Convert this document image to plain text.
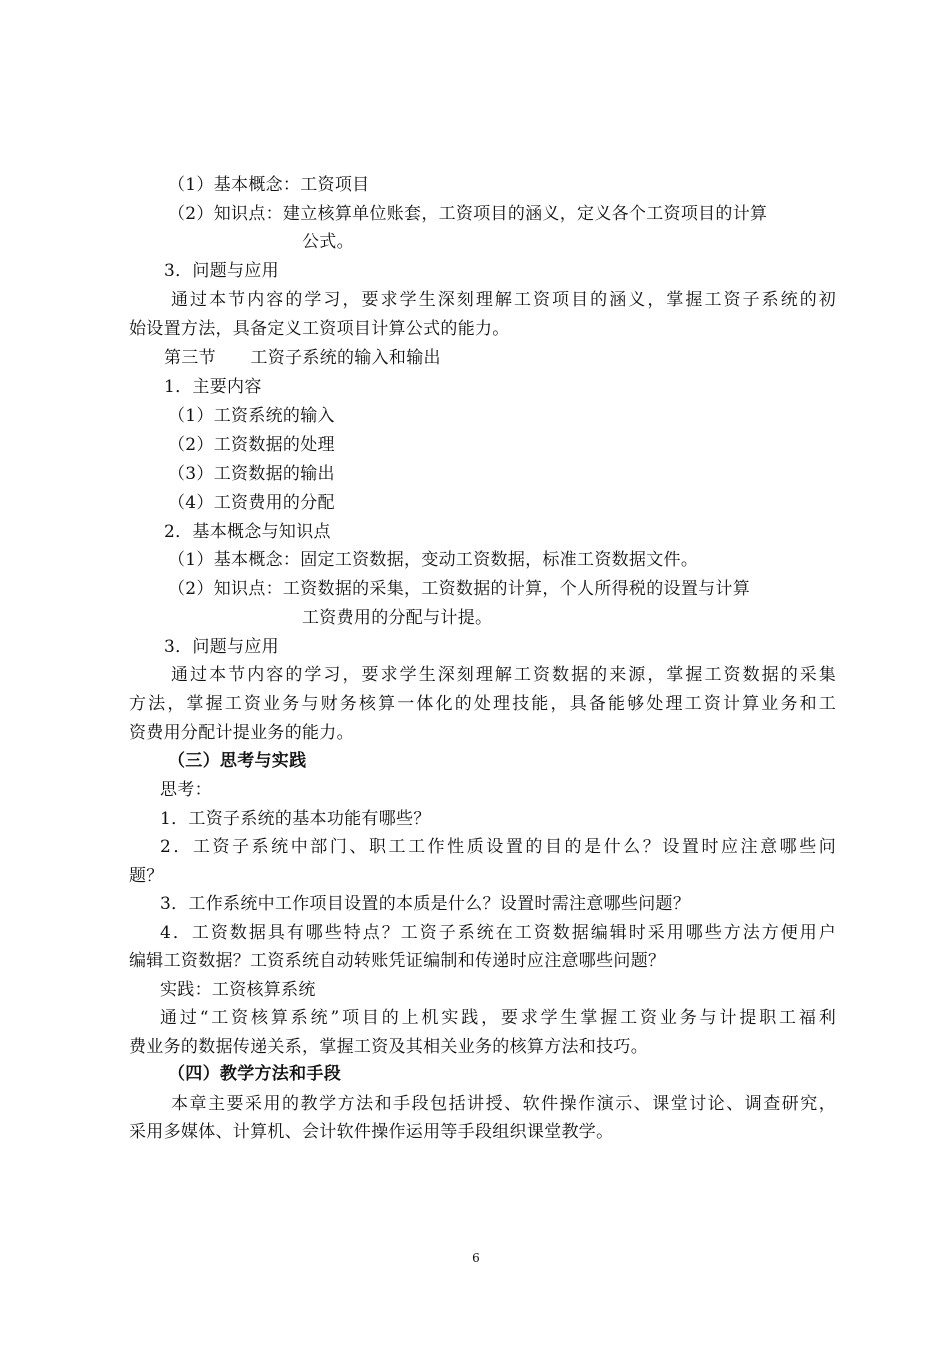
（1）基本概念：工资项目
（2）知识点：建立核算单位账套，工资项目的涵义，定义各个工资项目的计算
公式。
3．问题与应用
通过本节内容的学习，要求学生深刻理解工资项目的涵义，掌握工资子系统的初
始设置方法，具备定义工资项目计算公式的能力。
第三节　　工资子系统的输入和输出
1．主要内容
（1）工资系统的输入
（2）工资数据的处理
（3）工资数据的输出
（4）工资费用的分配
2．基本概念与知识点
（1）基本概念：固定工资数据，变动工资数据，标准工资数据文件。
（2）知识点：工资数据的采集，工资数据的计算，个人所得税的设置与计算
工资费用的分配与计提。
3．问题与应用
通过本节内容的学习，要求学生深刻理解工资数据的来源，掌握工资数据的采集
方法，掌握工资业务与财务核算一体化的处理技能，具备能够处理工资计算业务和工
资费用分配计提业务的能力。
（三）思考与实践
思考：
1．工资子系统的基本功能有哪些？
2．工资子系统中部门、职工工作性质设置的目的是什么？设置时应注意哪些问
题？
3．工作系统中工作项目设置的本质是什么？设置时需注意哪些问题？
4．工资数据具有哪些特点？工资子系统在工资数据编辑时采用哪些方法方便用户
编辑工资数据？工资系统自动转账凭证编制和传递时应注意哪些问题？
实践：工资核算系统
通过“工资核算系统”项目的上机实践，要求学生掌握工资业务与计提职工福利
费业务的数据传递关系，掌握工资及其相关业务的核算方法和技巧。
（四）教学方法和手段
本章主要采用的教学方法和手段包括讲授、软件操作演示、课堂讨论、调查研究，
采用多媒体、计算机、会计软件操作运用等手段组织课堂教学。
6
